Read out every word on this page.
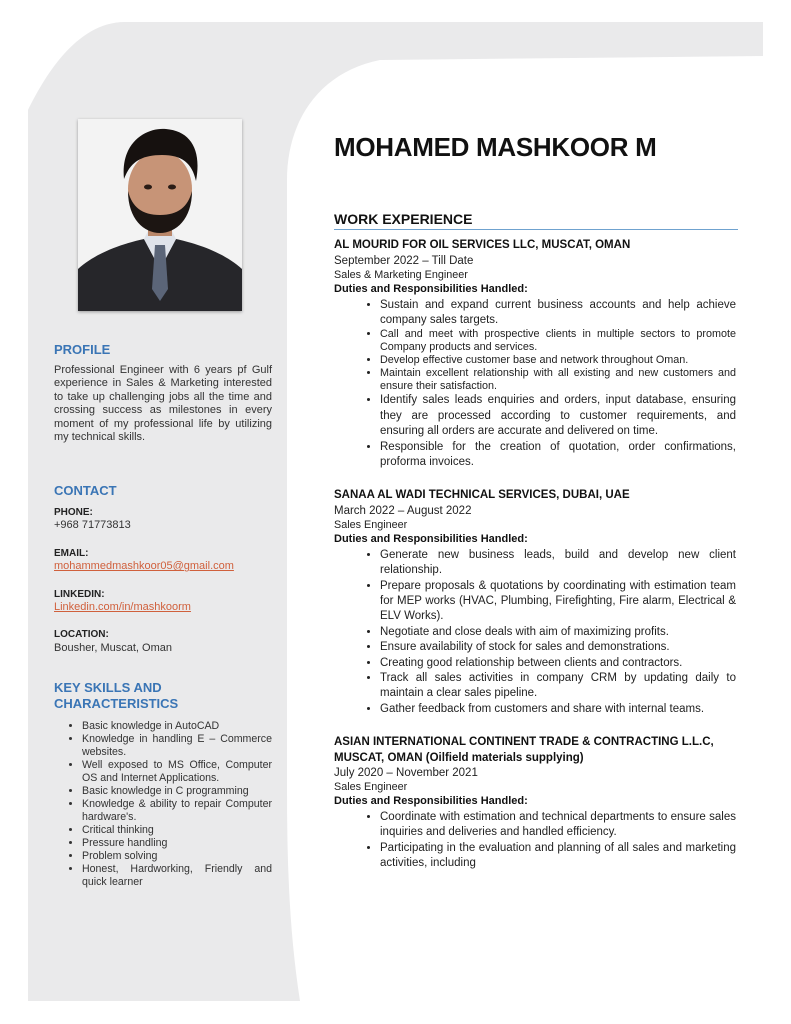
PROFILE
Professional Engineer with 6 years pf Gulf experience in Sales & Marketing interested to take up challenging jobs all the time and crossing success as milestones in every moment of my professional life by utilizing my technical skills.
CONTACT
PHONE:
+968 71773813
EMAIL:
mohammedmashkoor05@gmail.com
LINKEDIN:
Linkedin.com/in/mashkoorm
LOCATION:
Bousher, Muscat, Oman
KEY SKILLS AND CHARACTERISTICS
• Basic knowledge in AutoCAD
• Knowledge in handling E – Commerce websites.
• Well exposed to MS Office, Computer OS and Internet Applications.
• Basic knowledge in C programming
• Knowledge & ability to repair Computer hardware's.
• Critical thinking
• Pressure handling
• Problem solving
• Honest, Hardworking, Friendly and quick learner
MOHAMED MASHKOOR M
WORK EXPERIENCE
AL MOURID FOR OIL SERVICES LLC, MUSCAT, OMAN
September 2022 – Till Date
Sales & Marketing Engineer
Duties and Responsibilities Handled:
• Sustain and expand current business accounts and help achieve company sales targets.
• Call and meet with prospective clients in multiple sectors to promote Company products and services.
• Develop effective customer base and network throughout Oman.
• Maintain excellent relationship with all existing and new customers and ensure their satisfaction.
• Identify sales leads enquiries and orders, input database, ensuring they are processed according to customer requirements, and ensuring all orders are accurate and delivered on time.
• Responsible for the creation of quotation, order confirmations, proforma invoices.
SANAA AL WADI TECHNICAL SERVICES, DUBAI, UAE
March 2022 – August 2022
Sales Engineer
Duties and Responsibilities Handled:
• Generate new business leads, build and develop new client relationship.
• Prepare proposals & quotations by coordinating with estimation team for MEP works (HVAC, Plumbing, Firefighting, Fire alarm, Electrical & ELV Works).
• Negotiate and close deals with aim of maximizing profits.
• Ensure availability of stock for sales and demonstrations.
• Creating good relationship between clients and contractors.
• Track all sales activities in company CRM by updating daily to maintain a clear sales pipeline.
• Gather feedback from customers and share with internal teams.
ASIAN INTERNATIONAL CONTINENT TRADE & CONTRACTING L.L.C, MUSCAT, OMAN (Oilfield materials supplying)
July 2020 – November 2021
Sales Engineer
Duties and Responsibilities Handled:
• Coordinate with estimation and technical departments to ensure sales inquiries and deliveries and handled efficiency.
• Participating in the evaluation and planning of all sales and marketing activities, including
